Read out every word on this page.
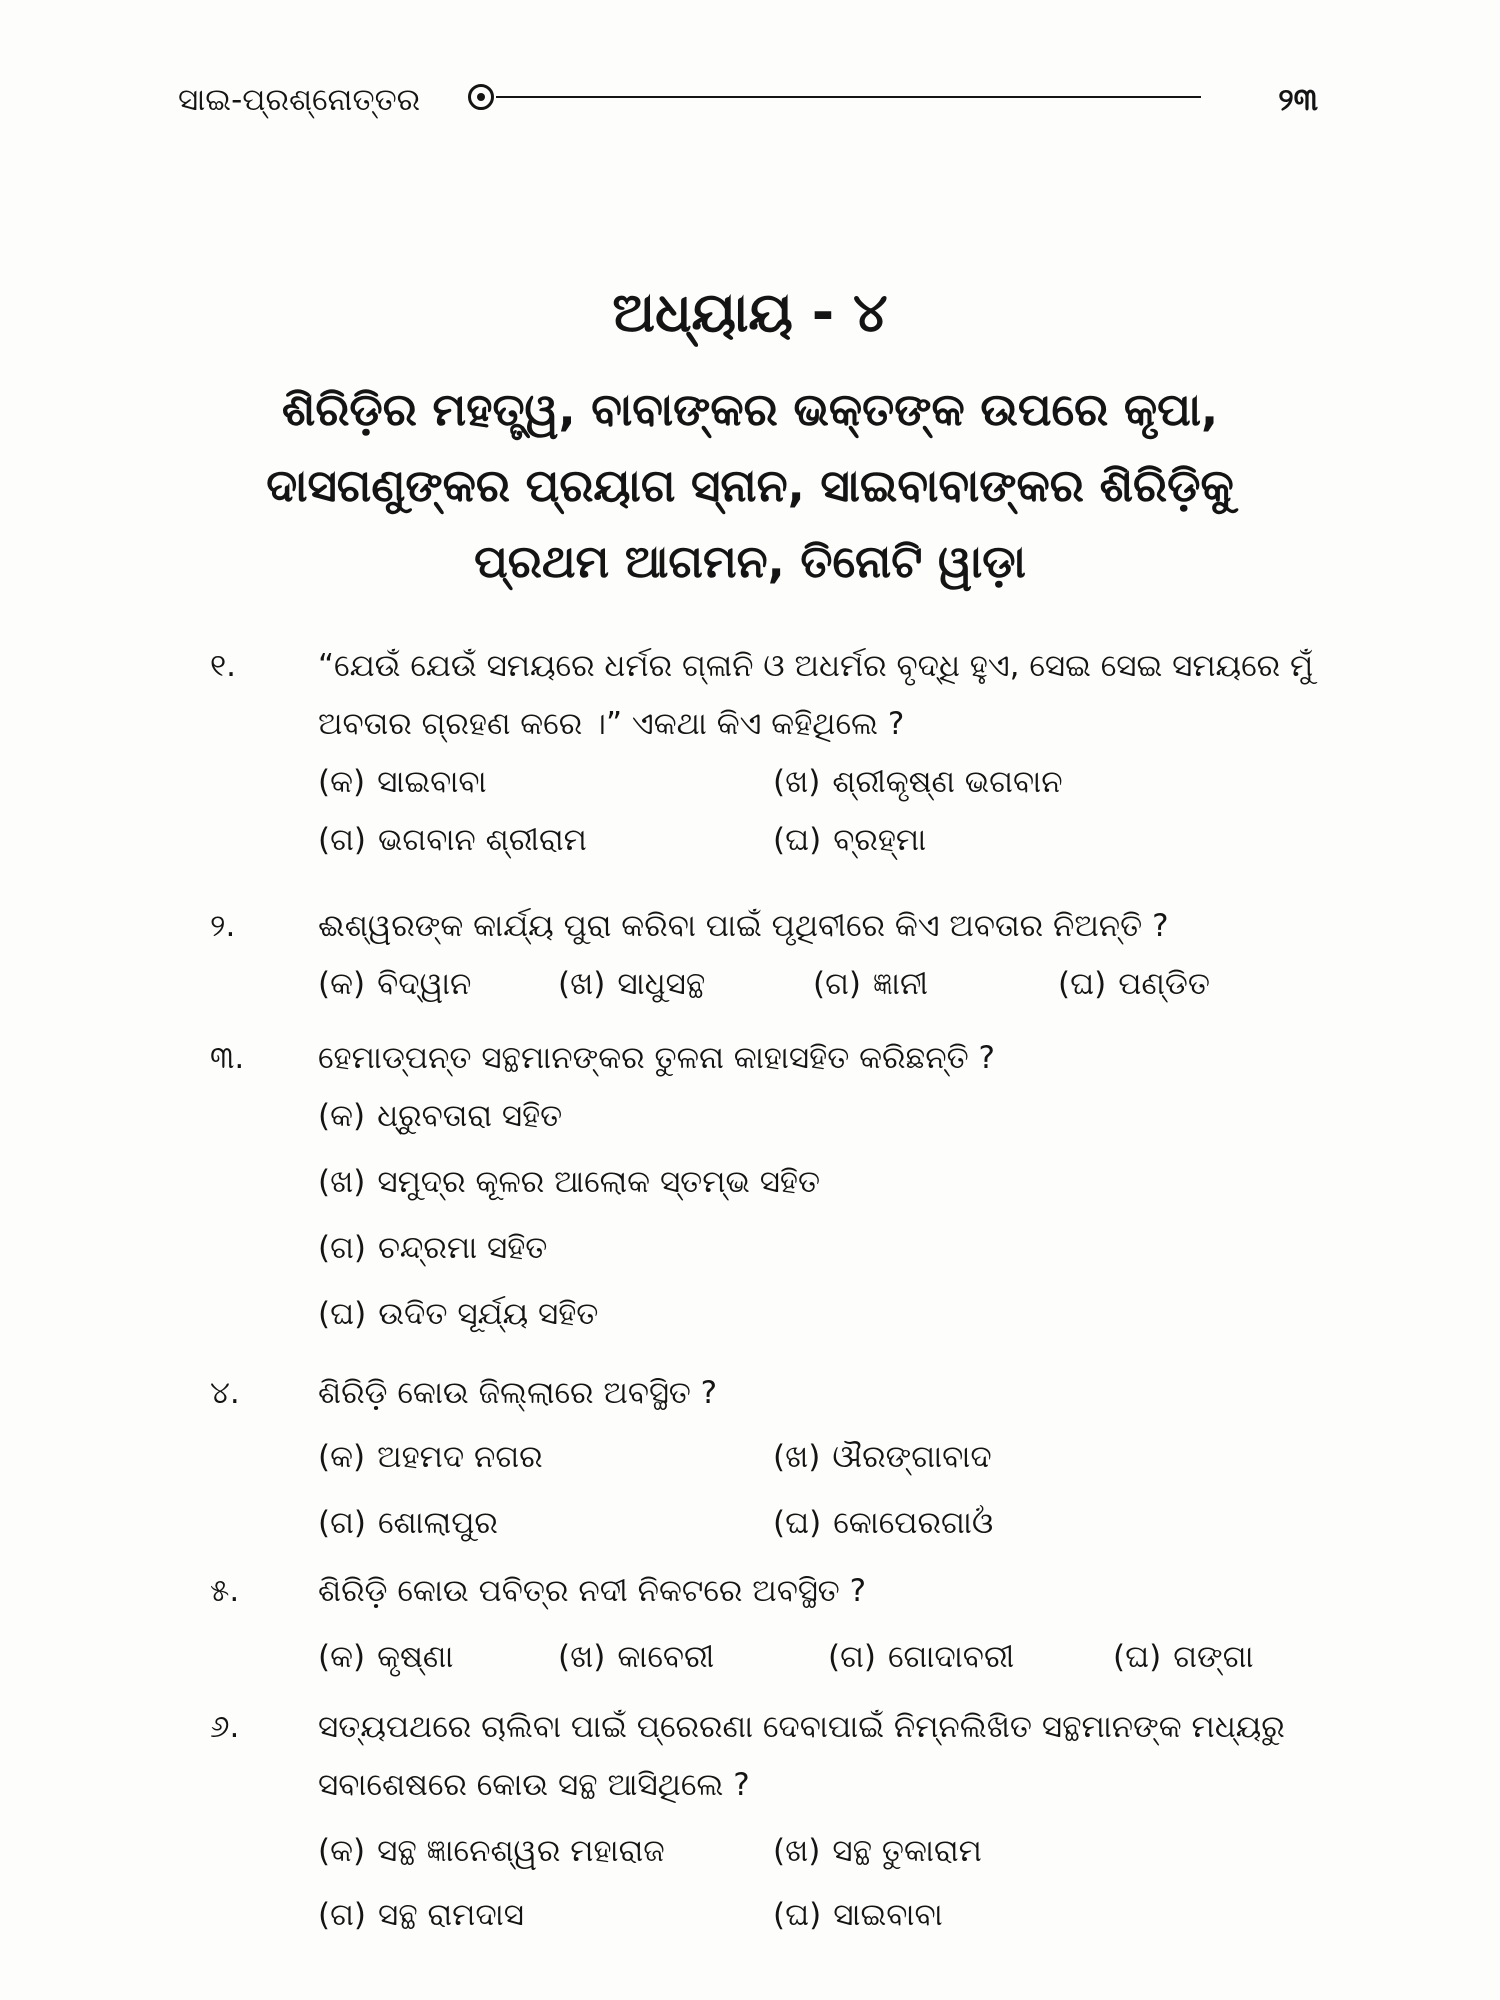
ସାଇ-ପ୍ରଶ୍ନୋତ୍ତର	୨୩
ଅଧ୍ୟାୟ - ୪
ଶିରିଡ଼ିର ମହତ୍ତ୍ୱ, ବାବାଙ୍କର ଭକ୍ତଙ୍କ ଉପରେ କୃପା,
ଦାସଗଣୁଙ୍କର ପ୍ରୟାଗ ସ୍ନାନ, ସାଇବାବାଙ୍କର ଶିରିଡ଼ିକୁ
ପ୍ରଥମ ଆଗମନ, ତିନୋଟି ୱାଡ଼ା
୧.	“ଯେଉଁ ଯେଉଁ ସମୟରେ ଧର୍ମର ଗ୍ଳାନି ଓ ଅଧର୍ମର ବୃଦ୍ଧି ହୁଏ, ସେଇ ସେଇ ସମୟରେ ମୁଁ ଅବତାର ଗ୍ରହଣ କରେ ।” ଏକଥା କିଏ କହିଥିଲେ ?
(କ) ସାଇବାବା	(ଖ) ଶ୍ରୀକୃଷ୍ଣ ଭଗବାନ
(ଗ) ଭଗବାନ ଶ୍ରୀରାମ	(ଘ) ବ୍ରହ୍ମା
୨.	ଈଶ୍ୱରଙ୍କ କାର୍ଯ୍ୟ ପୁରା କରିବା ପାଇଁ ପୃଥିବୀରେ କିଏ ଅବତାର ନିଅନ୍ତି ?
(କ) ବିଦ୍ୱାନ	(ଖ) ସାଧୁସନ୍ଥ	(ଗ) ଜ୍ଞାନୀ	(ଘ) ପଣ୍ଡିତ
୩. ହେମାଡ୍‌ପନ୍ତ ସନ୍ଥମାନଙ୍କର ତୁଳନା କାହାସହିତ କରିଛନ୍ତି ?
(କ) ଧ୍ରୁବତାରା ସହିତ
(ଖ) ସମୁଦ୍ର କୂଳର ଆଲୋକ ସ୍ତମ୍ଭ ସହିତ
(ଗ) ଚନ୍ଦ୍ରମା ସହିତ
(ଘ) ଉଦିତ ସୂର୍ଯ୍ୟ ସହିତ
୪.	ଶିରିଡ଼ି କୋଉ ଜିଲ୍ଲାରେ ଅବସ୍ଥିତ ?
(କ) ଅହମଦ ନଗର	(ଖ) ଔରଙ୍ଗାବାଦ
(ଗ) ଶୋଲାପୁର	(ଘ) କୋପେରଗାଓଁ
୫.	ଶିରିଡ଼ି କୋଉ ପବିତ୍ର ନଦୀ ନିକଟରେ ଅବସ୍ଥିତ ?
(କ) କୃଷ୍ଣା	(ଖ) କାବେରୀ	(ଗ) ଗୋଦାବରୀ	(ଘ) ଗଙ୍ଗା
୬.	ସତ୍ୟପଥରେ ଚାଲିବା ପାଇଁ ପ୍ରେରଣା ଦେବାପାଇଁ ନିମ୍ନଲିଖିତ ସନ୍ଥମାନଙ୍କ ମଧ୍ୟରୁ ସବାଶେଷରେ କୋଉ ସନ୍ଥ ଆସିଥିଲେ ?
(କ) ସନ୍ଥ ଜ୍ଞାନେଶ୍ୱର ମହାରାଜ	(ଖ) ସନ୍ଥ ତୁକାରାମ
(ଗ) ସନ୍ଥ ରାମଦାସ	(ଘ) ସାଇବାବା
